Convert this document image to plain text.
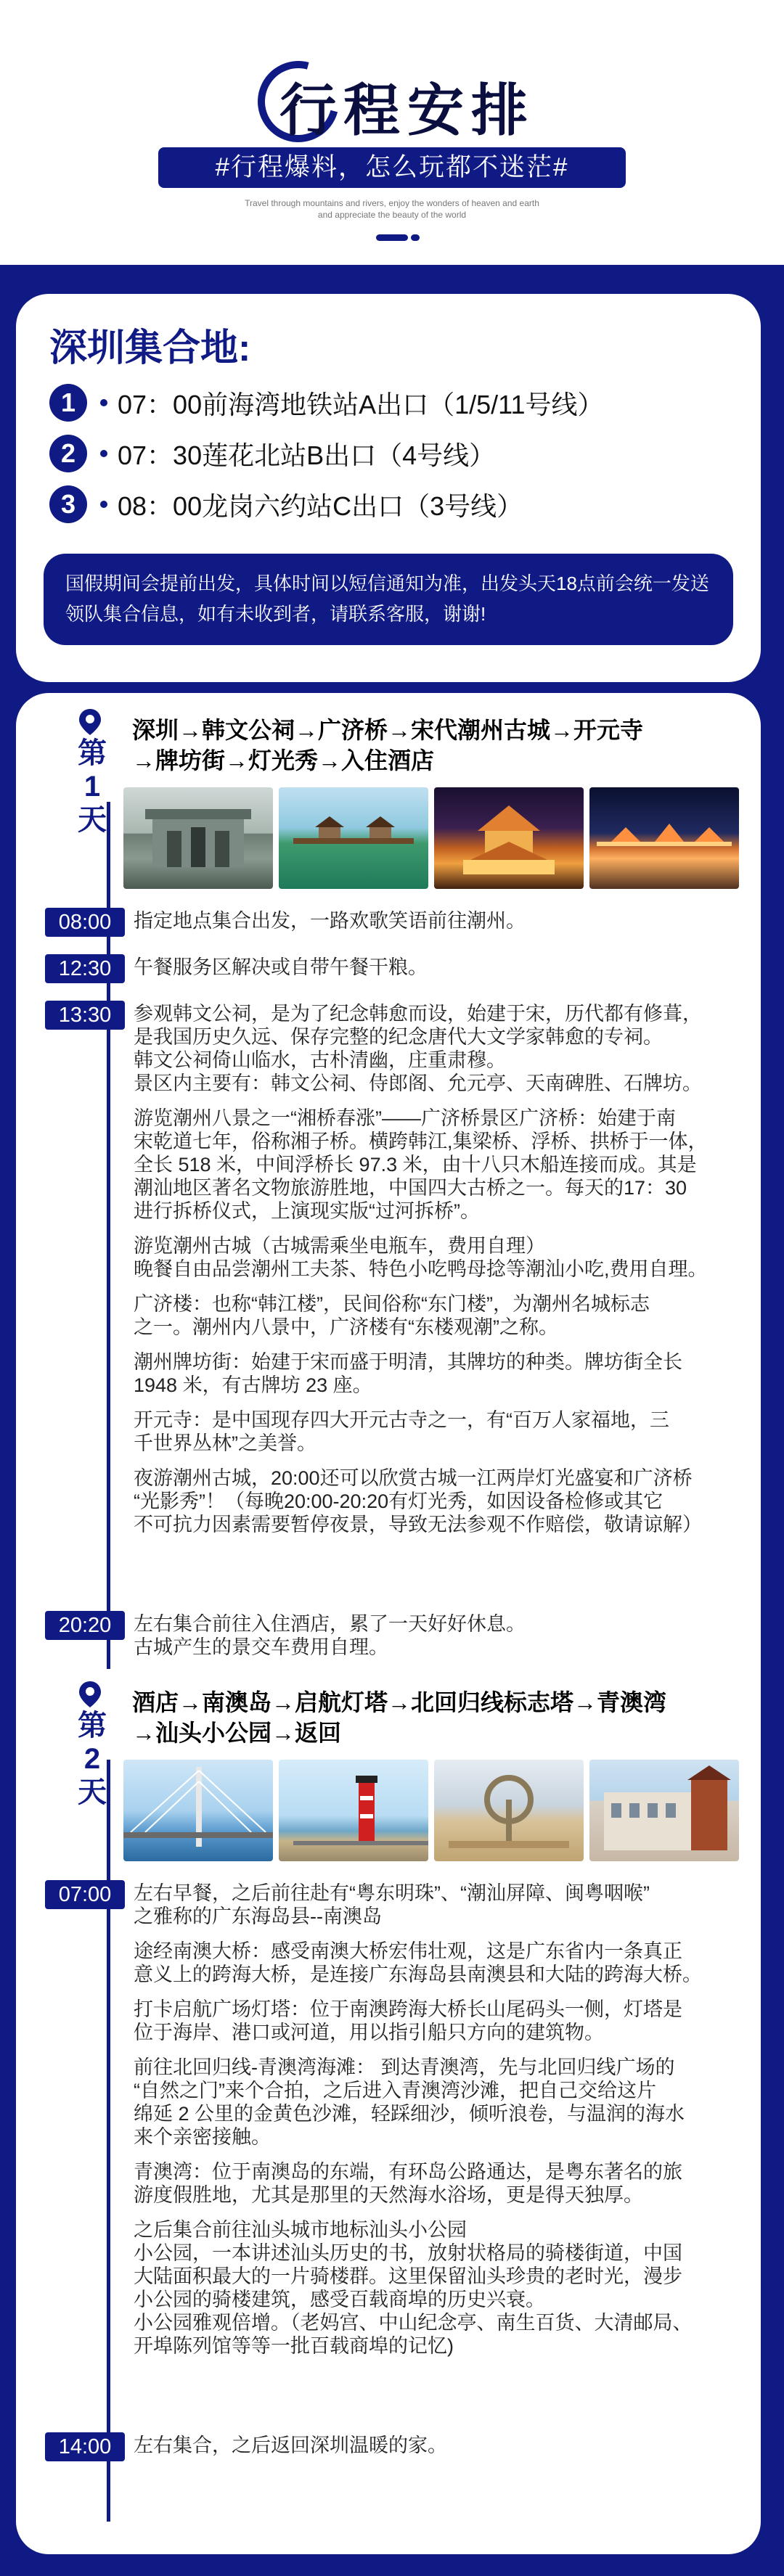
行程安排
#行程爆料，怎么玩都不迷茫#
Travel through mountains and rivers, enjoy the wonders of heaven and earth
and appreciate the beauty of the world
深圳集合地:
1	07：00前海湾地铁站A出口（1/5/11号线）
2	07：30莲花北站B出口（4号线）
3	08：00龙岗六约站C出口（3号线）
国假期间会提前出发，具体时间以短信通知为准，出发头天18点前会统一发送领队集合信息，如有未收到者，请联系客服，谢谢!
第
1
天
深圳→韩文公祠→广济桥→宋代潮州古城→开元寺
→牌坊街→灯光秀→入住酒店
08:00	指定地点集合出发，一路欢歌笑语前往潮州。
12:30	午餐服务区解决或自带午餐干粮。
13:30	参观韩文公祠，是为了纪念韩愈而设，始建于宋，历代都有修葺，
是我国历史久远、保存完整的纪念唐代大文学家韩愈的专祠。
韩文公祠倚山临水，古朴清幽，庄重肃穆。
景区内主要有：韩文公祠、侍郎阁、允元亭、天南碑胜、石牌坊。
游览潮州八景之一“湘桥春涨”——广济桥景区广济桥：始建于南
宋乾道七年，俗称湘子桥。横跨韩江,集梁桥、浮桥、拱桥于一体，
全长 518 米，中间浮桥长 97.3 米，由十八只木船连接而成。其是
潮汕地区著名文物旅游胜地，中国四大古桥之一。每天的17：30
进行拆桥仪式，上演现实版“过河拆桥”。
游览潮州古城（古城需乘坐电瓶车，费用自理）
晚餐自由品尝潮州工夫茶、特色小吃鸭母捻等潮汕小吃,费用自理。
广济楼：也称“韩江楼”，民间俗称“东门楼”，为潮州名城标志
之一。潮州内八景中，广济楼有“东楼观潮”之称。
潮州牌坊街：始建于宋而盛于明清，其牌坊的种类。牌坊街全长
1948 米，有古牌坊 23 座。
开元寺：是中国现存四大开元古寺之一，有“百万人家福地，三
千世界丛林”之美誉。
夜游潮州古城，20:00还可以欣赏古城一江两岸灯光盛宴和广济桥
“光影秀”！（每晚20:00-20:20有灯光秀，如因设备检修或其它
不可抗力因素需要暂停夜景，导致无法参观不作赔偿，敬请谅解）
20:20	左右集合前往入住酒店，累了一天好好休息。
古城产生的景交车费用自理。
第
2
天
酒店→南澳岛→启航灯塔→北回归线标志塔→青澳湾
→汕头小公园→返回
07:00	左右早餐，之后前往赴有“粤东明珠”、“潮汕屏障、闽粤咽喉”
之雅称的广东海岛县--南澳岛
途经南澳大桥：感受南澳大桥宏伟壮观，这是广东省内一条真正
意义上的跨海大桥，是连接广东海岛县南澳县和大陆的跨海大桥。
打卡启航广场灯塔：位于南澳跨海大桥长山尾码头一侧，灯塔是
位于海岸、港口或河道，用以指引船只方向的建筑物。
前往北回归线-青澳湾海滩： 到达青澳湾，先与北回归线广场的
“自然之门”来个合拍，之后进入青澳湾沙滩，把自己交给这片
绵延 2 公里的金黄色沙滩，轻踩细沙，倾听浪卷，与温润的海水
来个亲密接触。
青澳湾：位于南澳岛的东端，有环岛公路通达，是粤东著名的旅
游度假胜地，尤其是那里的天然海水浴场，更是得天独厚。
之后集合前往汕头城市地标汕头小公园
小公园，一本讲述汕头历史的书，放射状格局的骑楼街道，中国
大陆面积最大的一片骑楼群。这里保留汕头珍贵的老时光，漫步
小公园的骑楼建筑，感受百载商埠的历史兴衰。
小公园雅观倍增。（老妈宫、中山纪念亭、南生百货、大清邮局、
开埠陈列馆等等一批百载商埠的记忆)
14:00	左右集合，之后返回深圳温暖的家。
